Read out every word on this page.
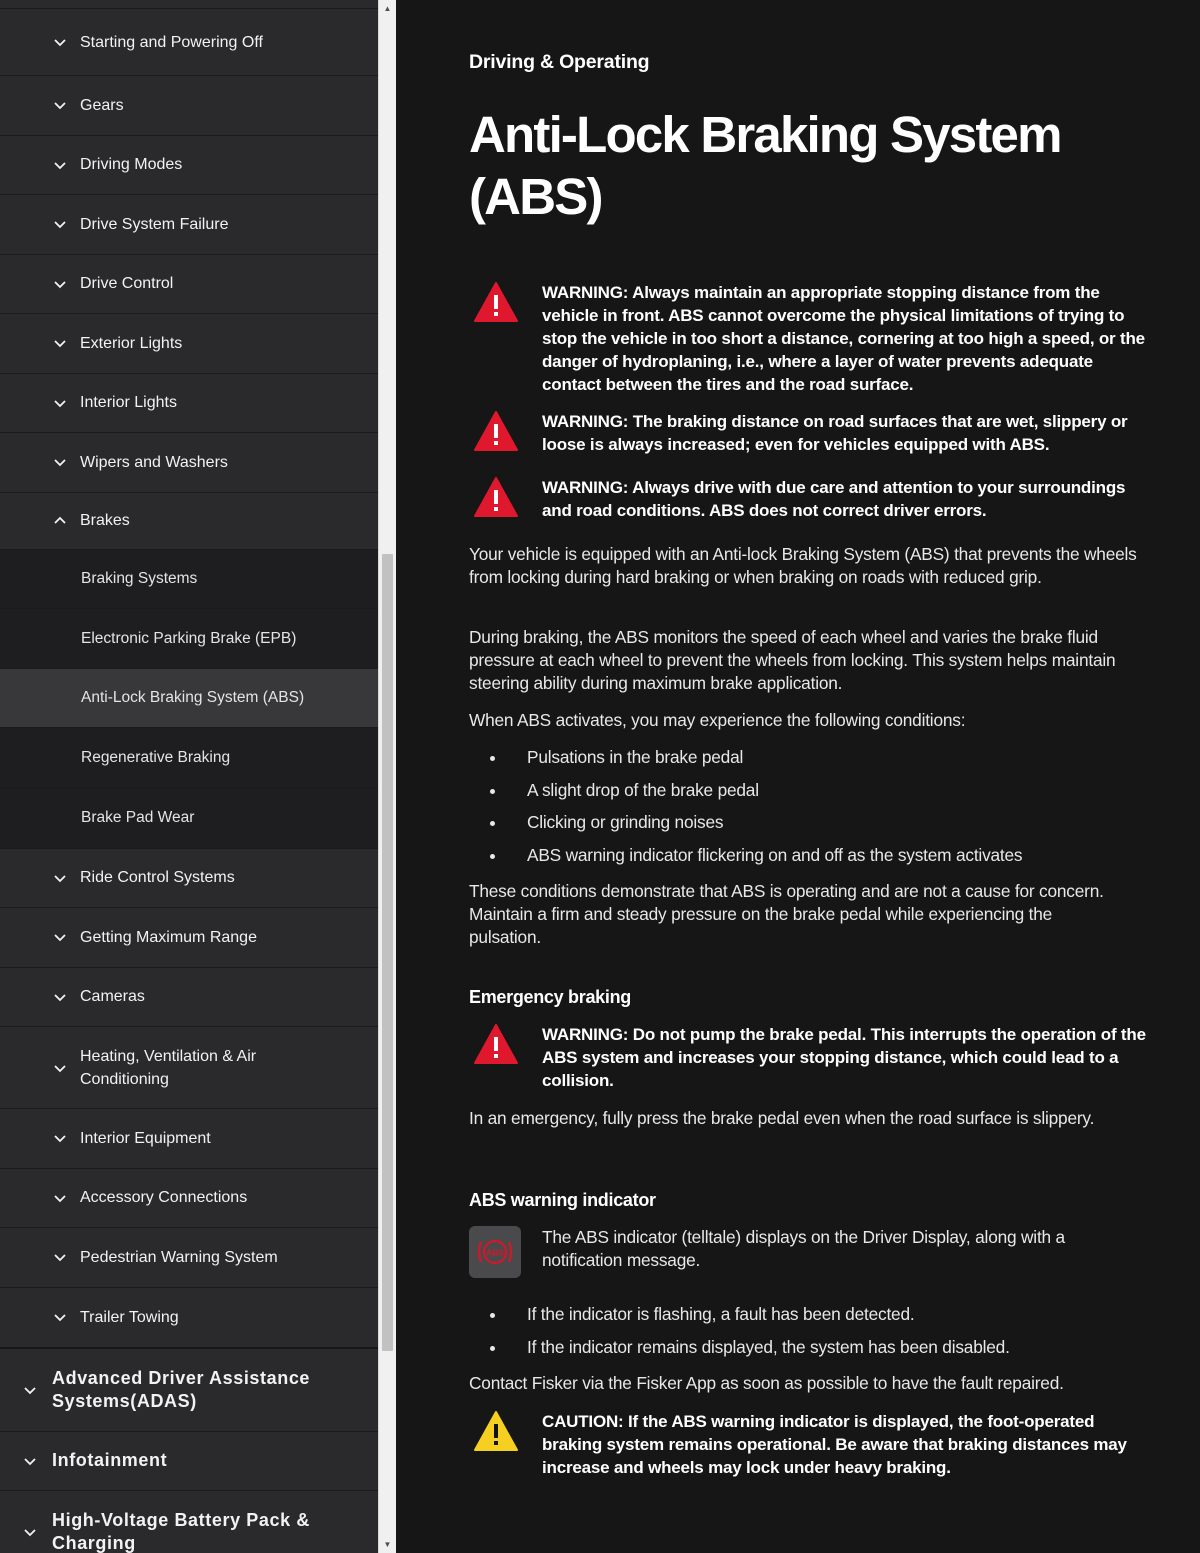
Starting and Powering Off
Gears
Driving Modes
Drive System Failure
Drive Control
Exterior Lights
Interior Lights
Wipers and Washers
Brakes
Braking Systems
Electronic Parking Brake (EPB)
Anti-Lock Braking System (ABS)
Regenerative Braking
Brake Pad Wear
Ride Control Systems
Getting Maximum Range
Cameras
Heating, Ventilation & Air Conditioning
Interior Equipment
Accessory Connections
Pedestrian Warning System
Trailer Towing
Advanced Driver Assistance Systems(ADAS)
Infotainment
High-Voltage Battery Pack & Charging
▲
▼
Driving & Operating
Anti-Lock Braking System (ABS)
WARNING: Always maintain an appropriate stopping distance from the vehicle in front. ABS cannot overcome the physical limitations of trying to stop the vehicle in too short a distance, cornering at too high a speed, or the danger of hydroplaning, i.e., where a layer of water prevents adequate contact between the tires and the road surface.
WARNING: The braking distance on road surfaces that are wet, slippery or loose is always increased; even for vehicles equipped with ABS.
WARNING: Always drive with due care and attention to your surroundings and road conditions. ABS does not correct driver errors.

Your vehicle is equipped with an Anti-lock Braking System (ABS) that prevents the wheels from locking during hard braking or when braking on roads with reduced grip.

During braking, the ABS monitors the speed of each wheel and varies the brake fluid pressure at each wheel to prevent the wheels from locking. This system helps maintain steering ability during maximum brake application.

When ABS activates, you may experience the following conditions:

Pulsations in the brake pedal
A slight drop of the brake pedal
Clicking or grinding noises
ABS warning indicator flickering on and off as the system activates

These conditions demonstrate that ABS is operating and are not a cause for concern. Maintain a firm and steady pressure on the brake pedal while experiencing the pulsation.

Emergency braking
WARNING: Do not pump the brake pedal. This interrupts the operation of the ABS system and increases your stopping distance, which could lead to a collision.

In an emergency, fully press the brake pedal even when the road surface is slippery.

ABS warning indicator
ABS
The ABS indicator (telltale) displays on the Driver Display, along with a notification message.
If the indicator is flashing, a fault has been detected.
If the indicator remains displayed, the system has been disabled.

Contact Fisker via the Fisker App as soon as possible to have the fault repaired.

CAUTION: If the ABS warning indicator is displayed, the foot-operated braking system remains operational. Be aware that braking distances may increase and wheels may lock under heavy braking.
